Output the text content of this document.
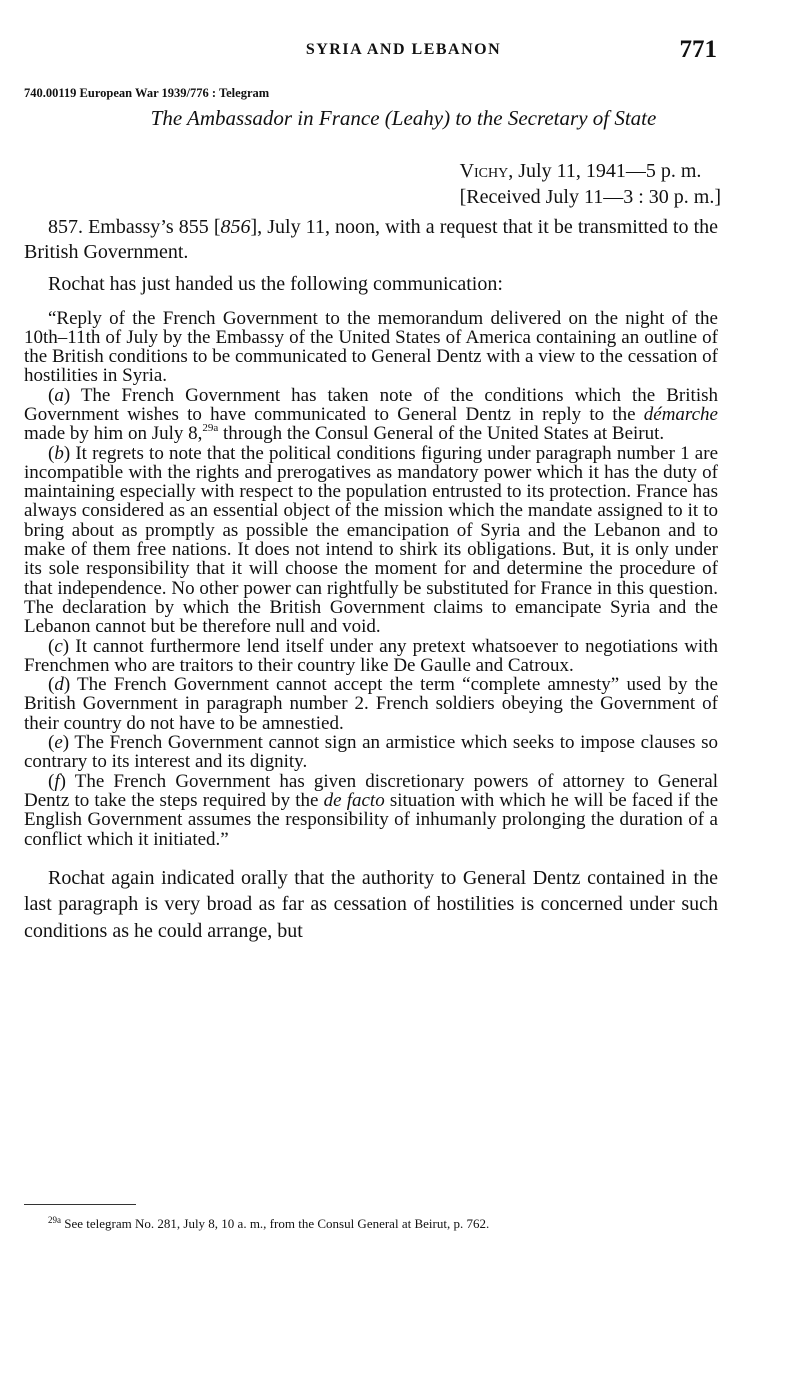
SYRIA AND LEBANON	771
740.00119 European War 1939/776 : Telegram
The Ambassador in France (Leahy) to the Secretary of State
Vichy, July 11, 1941—5 p. m.
[Received July 11—3 : 30 p. m.]

857. Embassy’s 855 [856], July 11, noon, with a request that it be transmitted to the British Government.

Rochat has just handed us the following communication:

“Reply of the French Government to the memorandum delivered on the night of the 10th–11th of July by the Embassy of the United States of America containing an outline of the British conditions to be communicated to General Dentz with a view to the cessation of hostilities in Syria.

(a) The French Government has taken note of the conditions which the British Government wishes to have communicated to General Dentz in reply to the démarche made by him on July 8,$^{29a}$ through the Consul General of the United States at Beirut.

(b) It regrets to note that the political conditions figuring under paragraph number 1 are incompatible with the rights and prerogatives as mandatory power which it has the duty of maintaining especially with respect to the population entrusted to its protection. France has always considered as an essential object of the mission which the mandate assigned to it to bring about as promptly as possible the emancipation of Syria and the Lebanon and to make of them free nations. It does not intend to shirk its obligations. But, it is only under its sole responsibility that it will choose the moment for and determine the procedure of that independence. No other power can rightfully be substituted for France in this question. The declaration by which the British Government claims to emancipate Syria and the Lebanon cannot but be therefore null and void.

(c) It cannot furthermore lend itself under any pretext whatsoever to negotiations with Frenchmen who are traitors to their country like De Gaulle and Catroux.

(d) The French Government cannot accept the term “complete amnesty” used by the British Government in paragraph number 2. French soldiers obeying the Government of their country do not have to be amnestied.

(e) The French Government cannot sign an armistice which seeks to impose clauses so contrary to its interest and its dignity.

(f) The French Government has given discretionary powers of attorney to General Dentz to take the steps required by the de facto situation with which he will be faced if the English Government assumes the responsibility of inhumanly prolonging the duration of a conflict which it initiated.”

Rochat again indicated orally that the authority to General Dentz contained in the last paragraph is very broad as far as cessation of hostilities is concerned under such conditions as he could arrange, but

$^{29a}$ See telegram No. 281, July 8, 10 a. m., from the Consul General at Beirut, p. 762.
